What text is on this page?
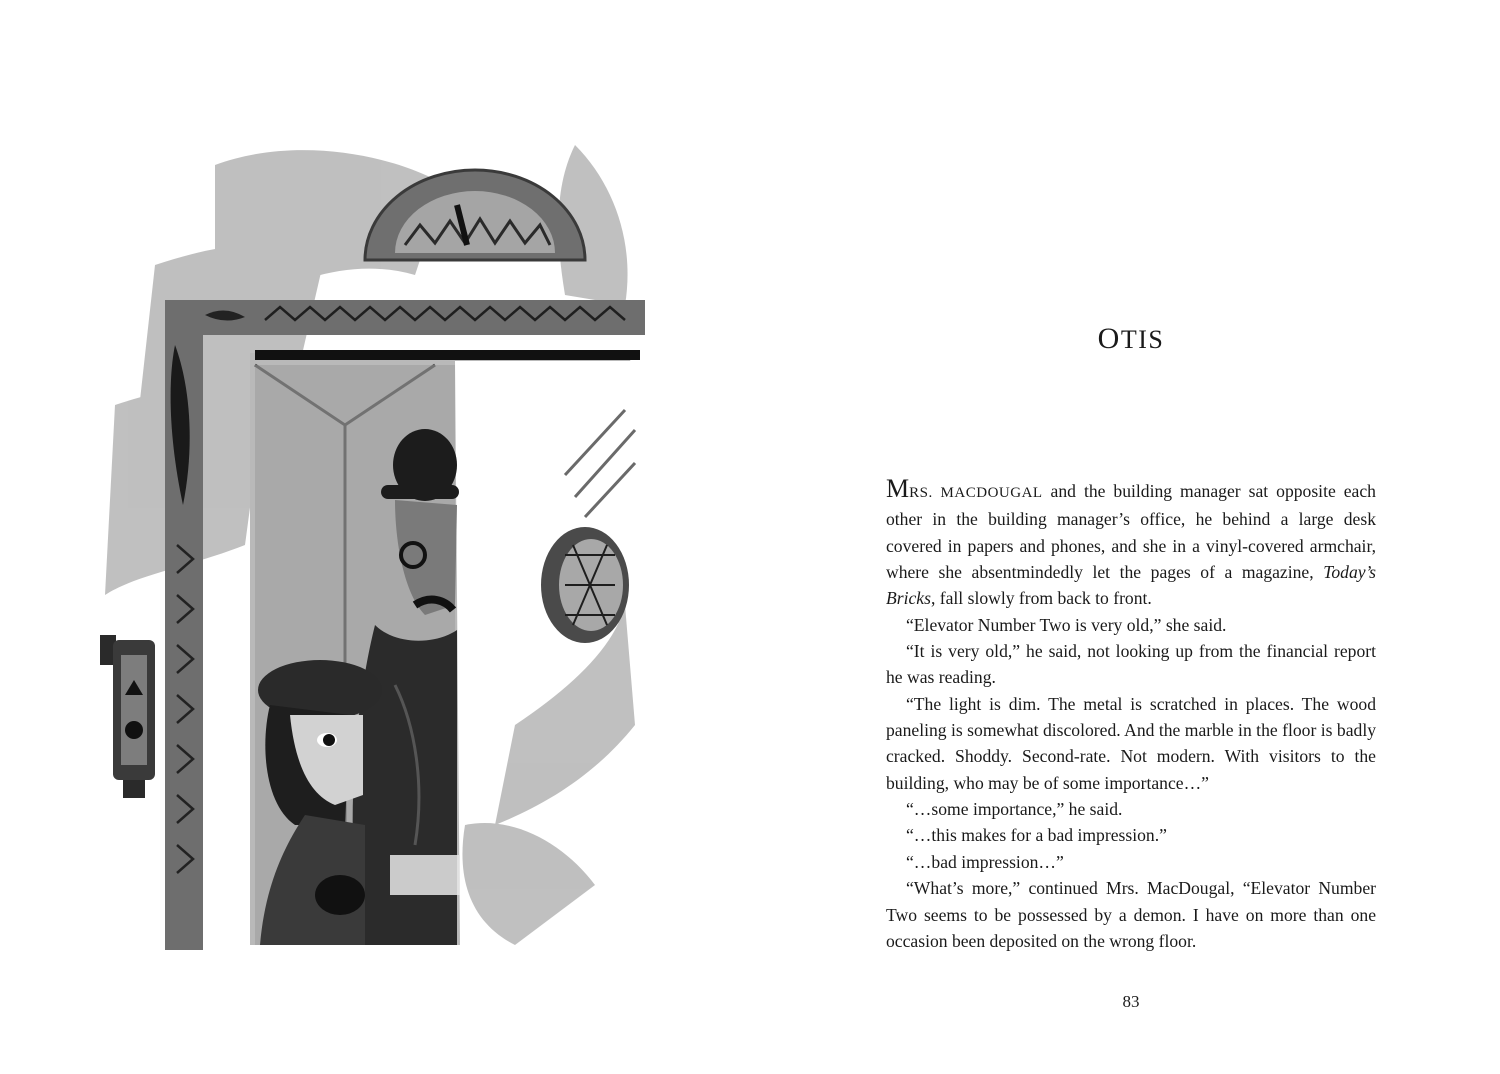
OTIS

MRS. MACDOUGAL and the building manager sat opposite each other in the building manager’s office, he behind a large desk covered in papers and phones, and she in a vinyl-covered armchair, where she absentmindedly let the pages of a magazine, Today’s Bricks, fall slowly from back to front.

“Elevator Number Two is very old,” she said.

“It is very old,” he said, not looking up from the financial report he was reading.

“The light is dim. The metal is scratched in places. The wood paneling is somewhat discolored. And the marble in the floor is badly cracked. Shoddy. Second-rate. Not modern. With visitors to the building, who may be of some importance…”

“…some importance,” he said.

“…this makes for a bad impression.”

“…bad impression…”

“What’s more,” continued Mrs. MacDougal, “Elevator Number Two seems to be possessed by a demon. I have on more than one occasion been deposited on the wrong floor.

83
